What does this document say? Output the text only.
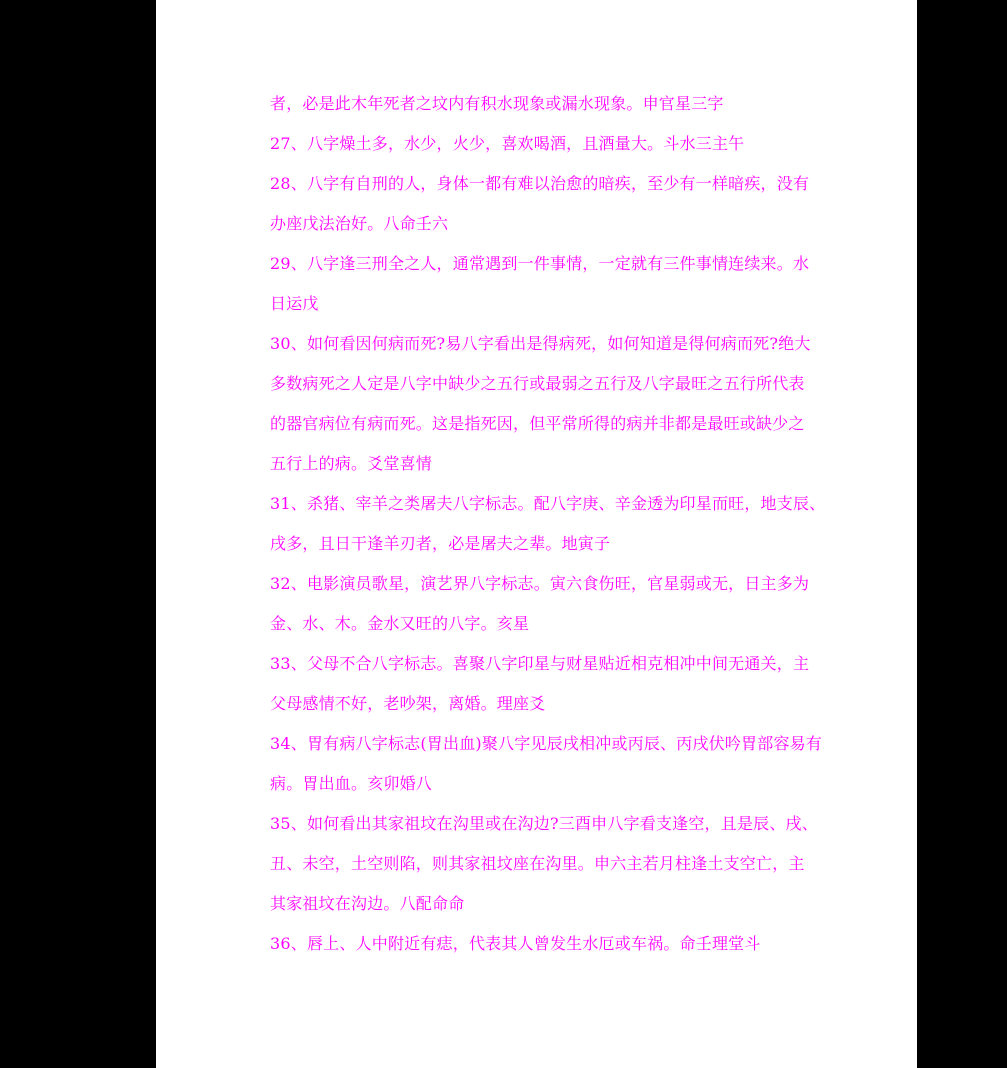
者，必是此木年死者之坟内有积水现象或漏水现象。申官星三字
27、八字燥土多，水少，火少，喜欢喝酒，且酒量大。斗水三主午
28、八字有自刑的人，身体一都有难以治愈的暗疾，至少有一样暗疾，没有
办座戊法治好。八命壬六
29、八字逢三刑全之人，通常遇到一件事情，一定就有三件事情连续来。水
日运戊
30、如何看因何病而死?易八字看出是得病死，如何知道是得何病而死?绝大
多数病死之人定是八字中缺少之五行或最弱之五行及八字最旺之五行所代表
的器官病位有病而死。这是指死因，但平常所得的病并非都是最旺或缺少之
五行上的病。爻堂喜情
31、杀猪、宰羊之类屠夫八字标志。配八字庚、辛金透为印星而旺，地支辰、
戌多，且日干逢羊刃者，必是屠夫之辈。地寅子
32、电影演员歌星，演艺界八字标志。寅六食伤旺，官星弱或无，日主多为
金、水、木。金水又旺的八字。亥星
33、父母不合八字标志。喜聚八字印星与财星贴近相克相冲中间无通关，主
父母感情不好，老吵架，离婚。理座爻
34、胃有病八字标志(胃出血)聚八字见辰戌相冲或丙辰、丙戌伏吟胃部容易有
病。胃出血。亥卯婚八
35、如何看出其家祖坟在沟里或在沟边?三酉申八字看支逢空，且是辰、戌、
丑、未空，土空则陷，则其家祖坟座在沟里。申六主若月柱逢土支空亡，主
其家祖坟在沟边。八配命命
36、唇上、人中附近有痣，代表其人曾发生水厄或车祸。命壬理堂斗
